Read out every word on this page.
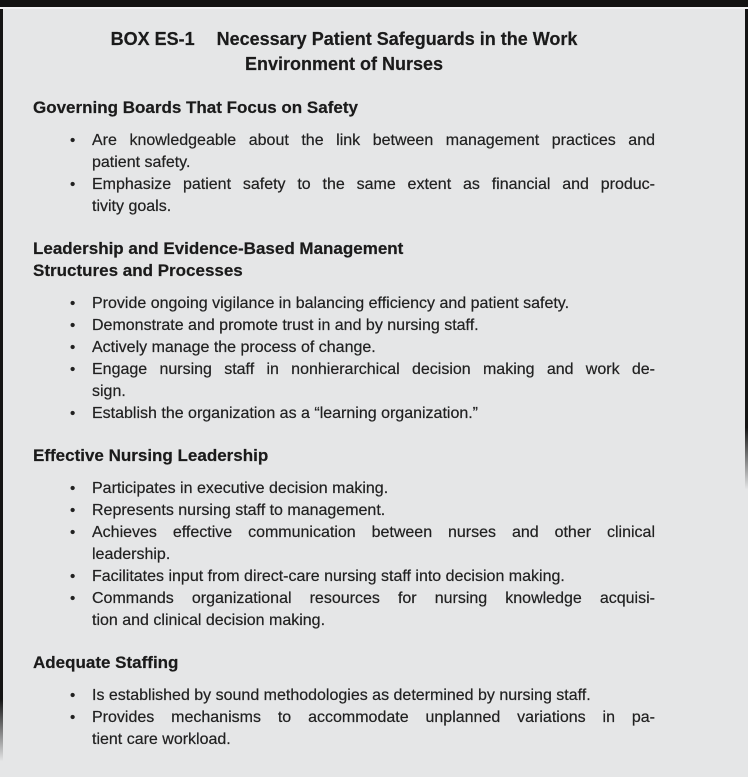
BOX ES-1 Necessary Patient Safeguards in the Work
Environment of Nurses
Governing Boards That Focus on Safety
•	Are knowledgeable about the link between management practices and
patient safety.
•	Emphasize patient safety to the same extent as financial and produc-
tivity goals.
Leadership and Evidence-Based Management
Structures and Processes
•	Provide ongoing vigilance in balancing efficiency and patient safety.
•	Demonstrate and promote trust in and by nursing staff.
•	Actively manage the process of change.
•	Engage nursing staff in nonhierarchical decision making and work de-
sign.
•	Establish the organization as a “learning organization.”
Effective Nursing Leadership
•	Participates in executive decision making.
•	Represents nursing staff to management.
•	Achieves effective communication between nurses and other clinical
leadership.
•	Facilitates input from direct-care nursing staff into decision making.
•	Commands organizational resources for nursing knowledge acquisi-
tion and clinical decision making.
Adequate Staffing
•	Is established by sound methodologies as determined by nursing staff.
•	Provides mechanisms to accommodate unplanned variations in pa-
tient care workload.
